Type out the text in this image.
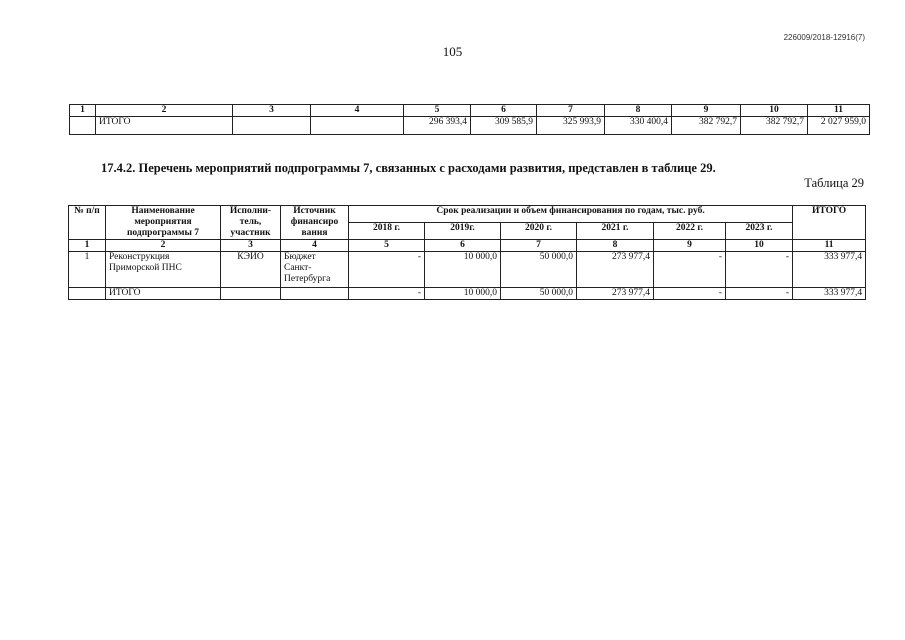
226009/2018-12916(7)
105
1	2	3	4	5	6	7	8	9	10	11
	ИТОГО			296 393,4	309 585,9	325 993,9	330 400,4	382 792,7	382 792,7	2 027 959,0
17.4.2. Перечень мероприятий подпрограммы 7, связанных с расходами развития, представлен в таблице 29.
Таблица 29
№ п/п	Наименование мероприятия подпрограммы 7	Исполни- тель, участник	Источник финансиро вания	Срок реализации и объем финансирования по годам, тыс. руб.						ИТОГО
				2018 г.	2019г.	2020 г.	2021 г.	2022 г.	2023 г.	
1	2	3	4	5	6	7	8	9	10	11
1	Реконструкция Приморской ПНС	КЭИО	Бюджет Санкт- Петербурга	-	10 000,0	50 000,0	273 977,4	-	-	333 977,4
	ИТОГО			-	10 000,0	50 000,0	273 977,4	-	-	333 977,4
